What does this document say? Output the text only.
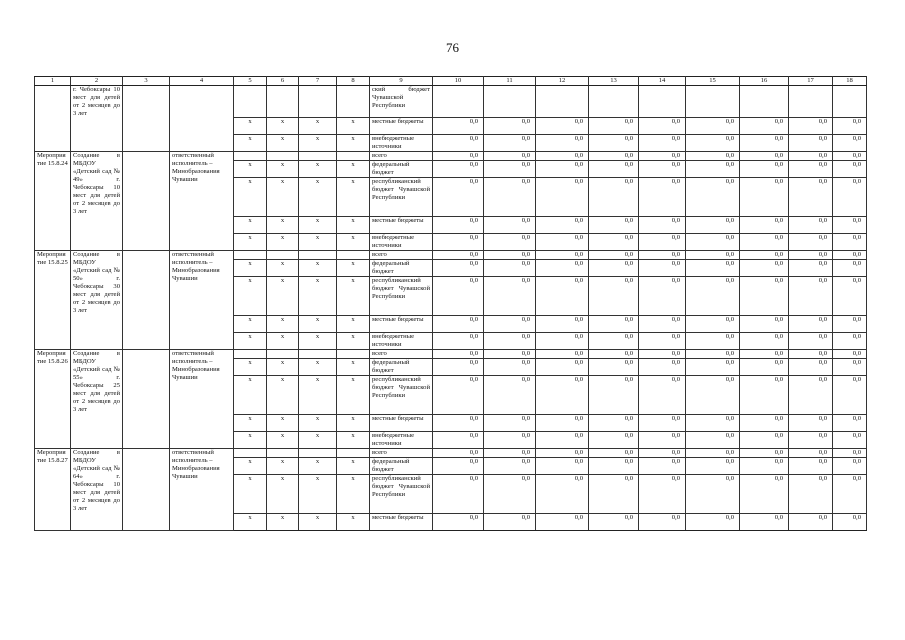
76
1	2	3	4	5	6	7	8	9	10	11	12	13	14	15	16	17	18
	г. Чебоксары 10 мест для детей от 2 месяцев до 3 лет							ский бюджет Чувашской Республики									
				x	x	x	x	местные бюджеты	0,0	0,0	0,0	0,0	0,0	0,0	0,0	0,0	0,0
				x	x	x	x	внебюджетные источники	0,0	0,0	0,0	0,0	0,0	0,0	0,0	0,0	0,0
Мероприятие 15.8.24	Создание в МБДОУ «Детский сад № 49» г. Чебоксары 10 мест для детей от 2 месяцев до 3 лет		ответственный исполнитель – Минобразования Чувашии					всего	0,0	0,0	0,0	0,0	0,0	0,0	0,0	0,0	0,0
				x	x	x	x	федеральный бюджет	0,0	0,0	0,0	0,0	0,0	0,0	0,0	0,0	0,0
				x	x	x	x	республиканский бюджет Чувашской Республики	0,0	0,0	0,0	0,0	0,0	0,0	0,0	0,0	0,0
				x	x	x	x	местные бюджеты	0,0	0,0	0,0	0,0	0,0	0,0	0,0	0,0	0,0
				x	x	x	x	внебюджетные источники	0,0	0,0	0,0	0,0	0,0	0,0	0,0	0,0	0,0
Мероприятие 15.8.25	Создание в МБДОУ «Детский сад № 50» г. Чебоксары 30 мест для детей от 2 месяцев до 3 лет		ответственный исполнитель – Минобразования Чувашии					всего	0,0	0,0	0,0	0,0	0,0	0,0	0,0	0,0	0,0
				x	x	x	x	федеральный бюджет	0,0	0,0	0,0	0,0	0,0	0,0	0,0	0,0	0,0
				x	x	x	x	республиканский бюджет Чувашской Республики	0,0	0,0	0,0	0,0	0,0	0,0	0,0	0,0	0,0
				x	x	x	x	местные бюджеты	0,0	0,0	0,0	0,0	0,0	0,0	0,0	0,0	0,0
				x	x	x	x	внебюджетные источники	0,0	0,0	0,0	0,0	0,0	0,0	0,0	0,0	0,0
Мероприятие 15.8.26	Создание в МБДОУ «Детский сад № 55» г. Чебоксары 25 мест для детей от 2 месяцев до 3 лет		ответственный исполнитель – Минобразования Чувашии					всего	0,0	0,0	0,0	0,0	0,0	0,0	0,0	0,0	0,0
				x	x	x	x	федеральный бюджет	0,0	0,0	0,0	0,0	0,0	0,0	0,0	0,0	0,0
				x	x	x	x	республиканский бюджет Чувашской Республики	0,0	0,0	0,0	0,0	0,0	0,0	0,0	0,0	0,0
				x	x	x	x	местные бюджеты	0,0	0,0	0,0	0,0	0,0	0,0	0,0	0,0	0,0
				x	x	x	x	внебюджетные источники	0,0	0,0	0,0	0,0	0,0	0,0	0,0	0,0	0,0
Мероприятие 15.8.27	Создание в МБДОУ «Детский сад № 64» г. Чебоксары 10 мест для детей от 2 месяцев до 3 лет		ответственный исполнитель – Минобразования Чувашии					всего	0,0	0,0	0,0	0,0	0,0	0,0	0,0	0,0	0,0
				x	x	x	x	федеральный бюджет	0,0	0,0	0,0	0,0	0,0	0,0	0,0	0,0	0,0
				x	x	x	x	республиканский бюджет Чувашской Республики	0,0	0,0	0,0	0,0	0,0	0,0	0,0	0,0	0,0
				x	x	x	x	местные бюджеты	0,0	0,0	0,0	0,0	0,0	0,0	0,0	0,0	0,0
